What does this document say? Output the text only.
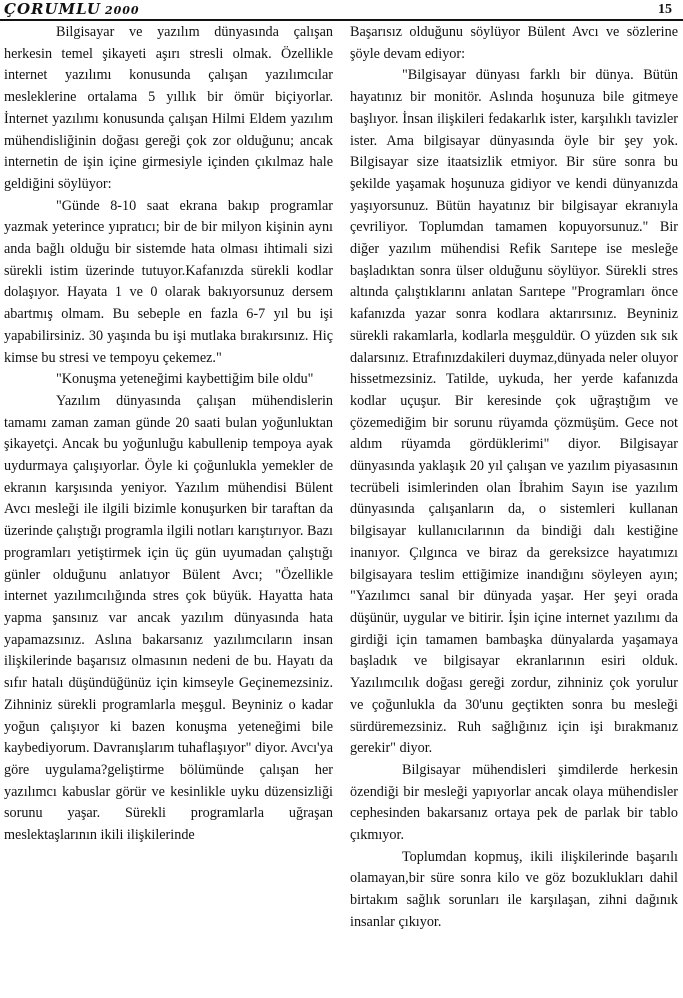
ÇORUMLU 2000	15

Bilgisayar ve yazılım dünyasında çalışan herkesin temel şikayeti aşırı stresli olmak. Özellikle internet yazılımı konusunda çalışan yazılımcılar mesleklerine ortalama 5 yıllık bir ömür biçiyorlar. İnternet yazılımı konusunda çalışan Hilmi Eldem yazılım mühendisliğinin doğası gereği çok zor olduğunu; ancak internetin de işin içine girmesiyle içinden çıkılmaz hale geldiğini söylüyor:

"Günde 8-10 saat ekrana bakıp programlar yazmak yeterince yıpratıcı; bir de bir milyon kişinin aynı anda bağlı olduğu bir sistemde hata olması ihtimali sizi sürekli istim üzerinde tutuyor.Kafanızda sürekli kodlar dolaşıyor. Hayata 1 ve 0 olarak bakıyorsunuz dersem abartmış olmam. Bu sebeple en fazla 6-7 yıl bu işi yapabilirsiniz. 30 yaşında bu işi mutlaka bırakırsınız. Hiç kimse bu stresi ve tempoyu çekemez."

"Konuşma yeteneğimi kaybettiğim bile oldu"

Yazılım dünyasında çalışan mühendislerin tamamı zaman zaman günde 20 saati bulan yoğunluktan şikayetçi. Ancak bu yoğunluğu kabullenip tempoya ayak uydurmaya çalışıyorlar. Öyle ki çoğunlukla yemekler de ekranın karşısında yeniyor. Yazılım mühendisi Bülent Avcı mesleği ile ilgili bizimle konuşurken bir taraftan da üzerinde çalıştığı programla ilgili notları karıştırıyor. Bazı programları yetiştirmek için üç gün uyumadan çalıştığı günler olduğunu anlatıyor Bülent Avcı; "Özellikle internet yazılımcılığında stres çok büyük. Hayatta hata yapma şansınız var ancak yazılım dünyasında hata yapamazsınız. Aslına bakarsanız yazılımcıların insan ilişkilerinde başarısız olmasının nedeni de bu. Hayatı da sıfır hatalı düşündüğünüz için kimseyle Geçinemezsiniz. Zihniniz sürekli programlarla meşgul. Beyniniz o kadar yoğun çalışıyor ki bazen konuşma yeteneğimi bile kaybediyorum. Davranışlarım tuhaflaşıyor" diyor. Avcı'ya göre uygulama?geliştirme bölümünde çalışan her yazılımcı kabuslar görür ve kesinlikle uyku düzensizliği sorunu yaşar. Sürekli programlarla uğraşan meslektaşlarının ikili ilişkilerinde

Başarısız olduğunu söylüyor Bülent Avcı ve sözlerine şöyle devam ediyor:

"Bilgisayar dünyası farklı bir dünya. Bütün hayatınız bir monitör. Aslında hoşunuza bile gitmeye başlıyor. İnsan ilişkileri fedakarlık ister, karşılıklı tavizler ister. Ama bilgisayar dünyasında öyle bir şey yok. Bilgisayar size itaatsizlik etmiyor. Bir süre sonra bu şekilde yaşamak hoşunuza gidiyor ve kendi dünyanızda yaşıyorsunuz. Bütün hayatınız bir bilgisayar ekranıyla çevriliyor. Toplumdan tamamen kopuyorsunuz." Bir diğer yazılım mühendisi Refik Sarıtepe ise mesleğe başladıktan sonra ülser olduğunu söylüyor. Sürekli stres altında çalıştıklarını anlatan Sarıtepe "Programları önce kafanızda yazar sonra kodlara aktarırsınız. Beyniniz sürekli rakamlarla, kodlarla meşguldür. O yüzden sık sık dalarsınız. Etrafınızdakileri duymaz,dünyada neler oluyor hissetmezsiniz. Tatilde, uykuda, her yerde kafanızda kodlar uçuşur. Bir keresinde çok uğraştığım ve çözemediğim bir sorunu rüyamda çözmüşüm. Gece not aldım rüyamda gördüklerimi" diyor. Bilgisayar dünyasında yaklaşık 20 yıl çalışan ve yazılım piyasasının tecrübeli isimlerinden olan İbrahim Sayın ise yazılım dünyasında çalışanların da, o sistemleri kullanan bilgisayar kullanıcılarının da bindiği dalı kestiğine inanıyor. Çılgınca ve biraz da gereksizce hayatımızı bilgisayara teslim ettiğimize inandığını söyleyen ayın; "Yazılımcı sanal bir dünyada yaşar. Her şeyi orada düşünür, uygular ve bitirir. İşin içine internet yazılımı da girdiği için tamamen bambaşka dünyalarda yaşamaya başladık ve bilgisayar ekranlarının esiri olduk. Yazılımcılık doğası gereği zordur, zihniniz çok yorulur ve çoğunlukla da 30'unu geçtikten sonra bu mesleği sürdüremezsiniz. Ruh sağlığınız için işi bırakmanız gerekir" diyor.

Bilgisayar mühendisleri şimdilerde herkesin özendiği bir mesleği yapıyorlar ancak olaya mühendisler cephesinden bakarsanız ortaya pek de parlak bir tablo çıkmıyor.

Toplumdan kopmuş, ikili ilişkilerinde başarılı olamayan,bir süre sonra kilo ve göz bozuklukları dahil birtakım sağlık sorunları ile karşılaşan, zihni dağınık insanlar çıkıyor.
